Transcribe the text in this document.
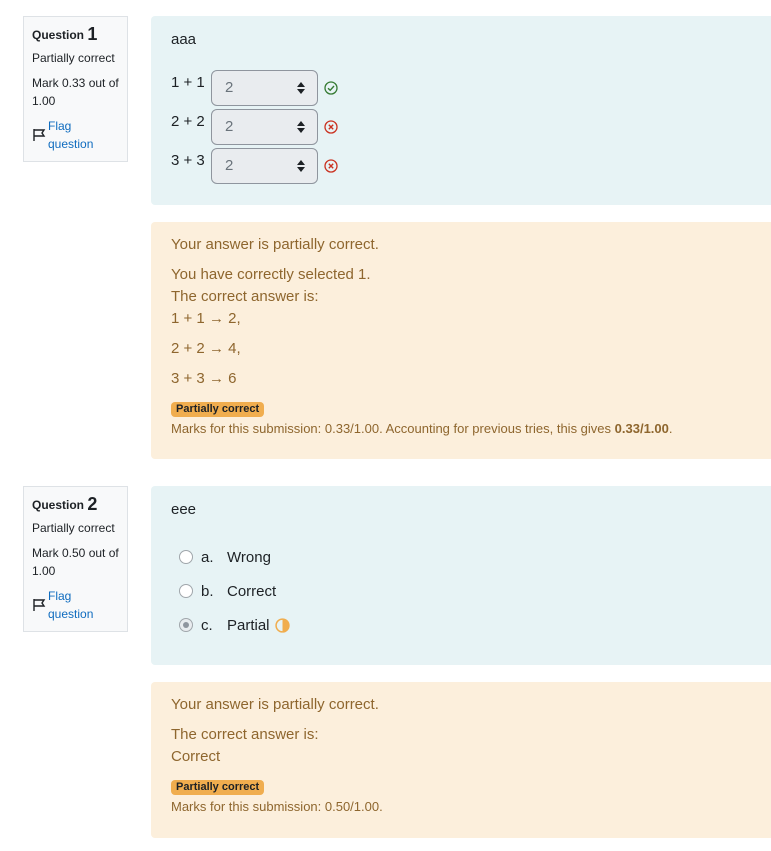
Question 1
Partially correct
Mark 0.33 out of 1.00
Flag question
aaa
1 + 1	2
2 + 2	2
3 + 3	2
Your answer is partially correct.
You have correctly selected 1.
The correct answer is:
1 + 1 → 2,
2 + 2 → 4,
3 + 3 → 6
Partially correct
Marks for this submission: 0.33/1.00. Accounting for previous tries, this gives 0.33/1.00.
Question 2
Partially correct
Mark 0.50 out of 1.00
Flag question
eee
a. Wrong
b. Correct
c. Partial
Your answer is partially correct.
The correct answer is:
Correct
Partially correct
Marks for this submission: 0.50/1.00.
